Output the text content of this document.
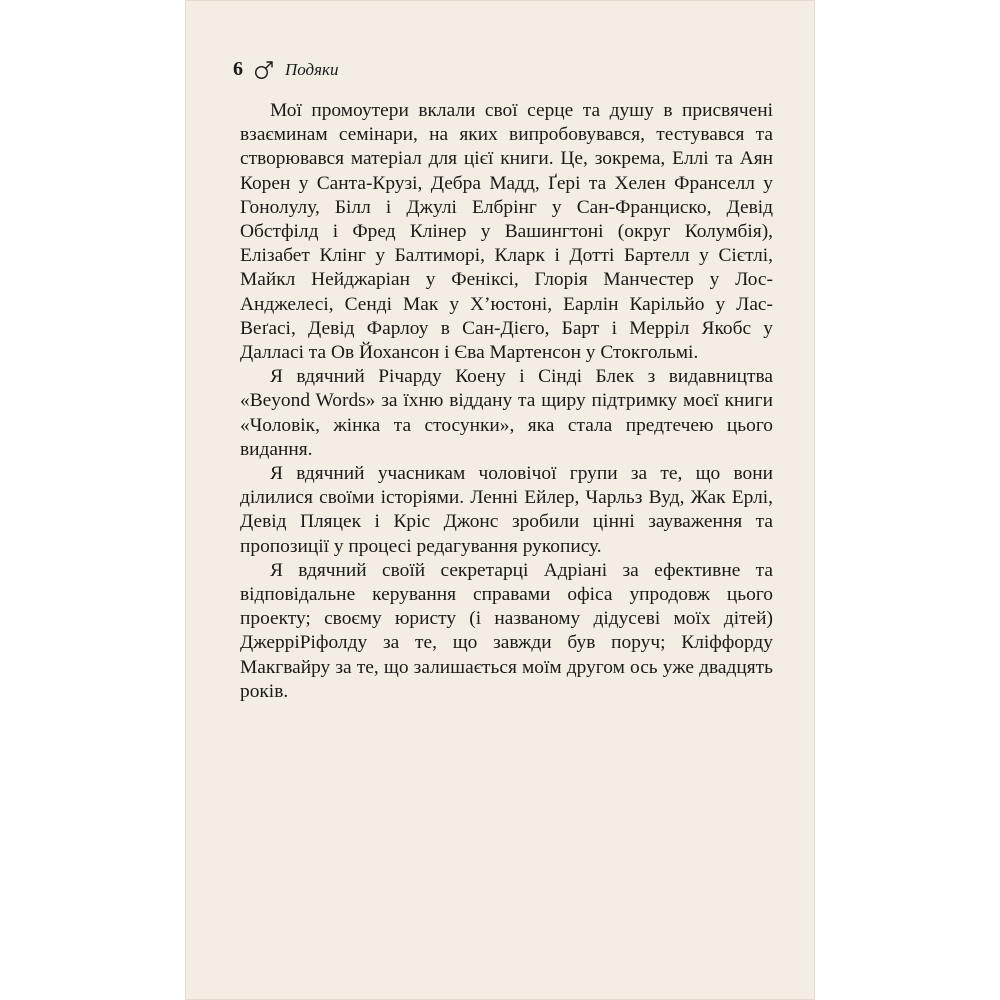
6 Подяки

Мої промоутери вклали свої серце та душу в присвячені взаєминам семінари, на яких випробовувався, тестувався та створювався матеріал для цієї книги. Це, зокрема, Еллі та Аян Корен у Санта-Крузі, Дебра Мадд, Ґері та Хелен Франселл у Гонолулу, Білл і Джулі Елбрінг у Сан-Франциско, Девід Обстфілд і Фред Клінер у Вашингтоні (округ Колумбія), Елізабет Клінг у Балтиморі, Кларк і Дотті Бартелл у Сієтлі, Майкл Нейджаріан у Феніксі, Глорія Манчестер у Лос-Анджелесі, Сенді Мак у Х’юстоні, Еарлін Карільйо у Лас-Веґасі, Девід Фарлоу в Сан-Дієго, Барт і Мерріл Якобс у Далласі та Ов Йохансон і Єва Мартенсон у Стокгольмі.

Я вдячний Річарду Коену і Сінді Блек з видавництва «Beyond Words» за їхню віддану та щиру підтримку моєї книги «Чоловік, жінка та стосунки», яка стала предтечею цього видання.

Я вдячний учасникам чоловічої групи за те, що вони ділилися своїми історіями. Ленні Ейлер, Чарльз Вуд, Жак Ерлі, Девід Пляцек і Кріс Джонс зробили цінні зауваження та пропозиції у процесі редагування рукопису.

Я вдячний своїй секретарці Адріані за ефективне та відповідальне керування справами офіса упродовж цього проекту; своєму юристу (і названому дідусеві моїх дітей) ДжерріРіфолду за те, що завжди був поруч; Кліффорду Макгвайру за те, що залишається моїм другом ось уже двадцять років.
